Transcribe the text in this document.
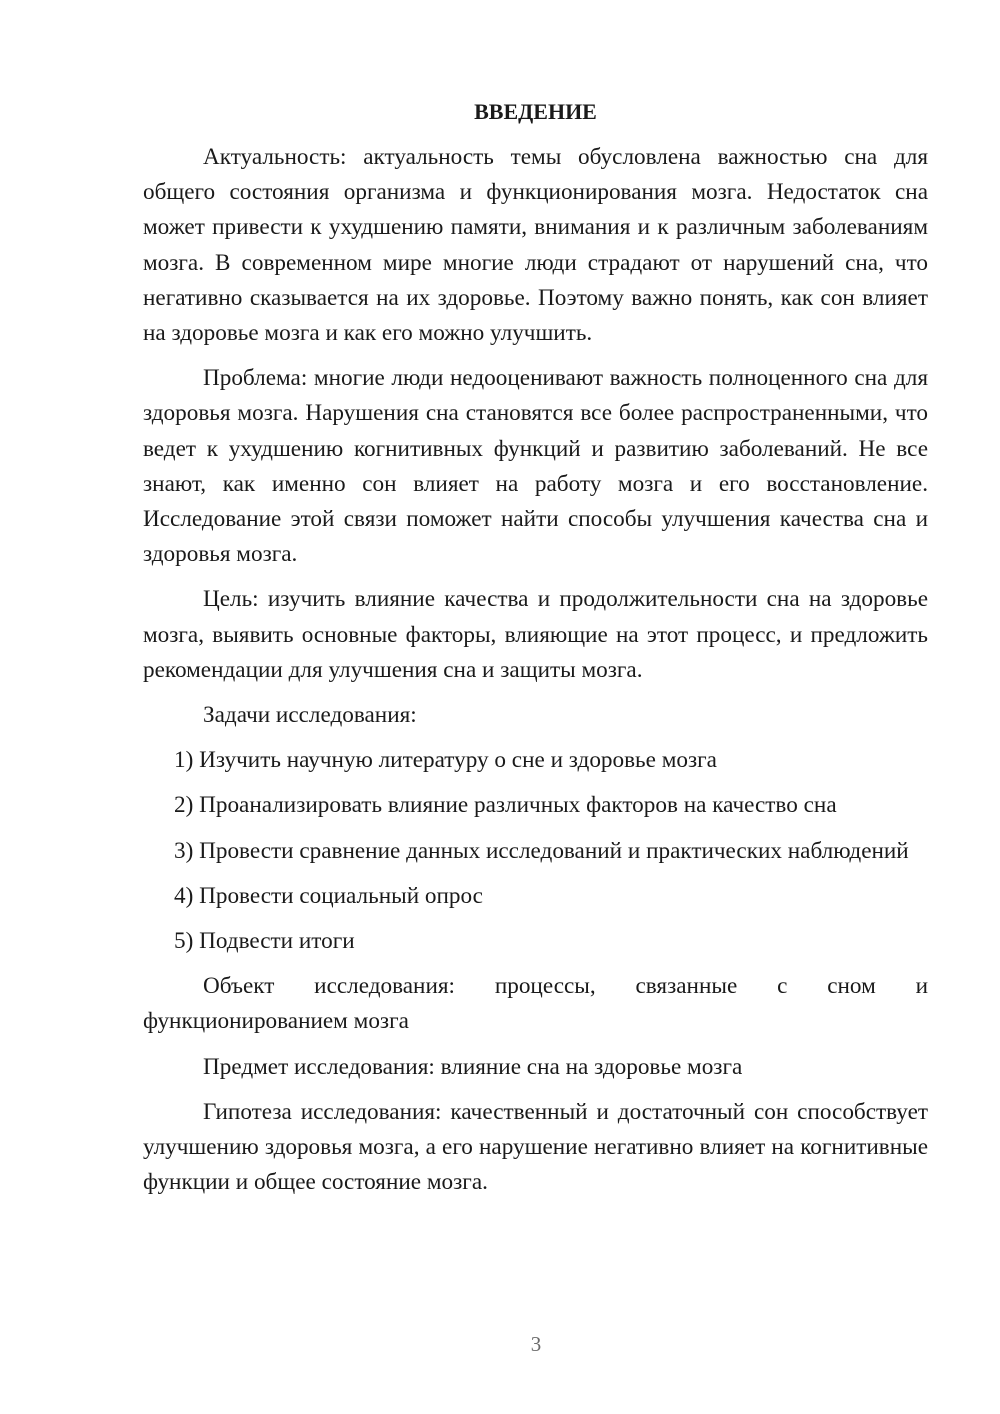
ВВЕДЕНИЕ

Актуальность: актуальность темы обусловлена важностью сна для общего состояния организма и функционирования мозга. Недостаток сна может привести к ухудшению памяти, внимания и к различным заболеваниям мозга. В современном мире многие люди страдают от нарушений сна, что негативно сказывается на их здоровье. Поэтому важно понять, как сон влияет на здоровье мозга и как его можно улучшить.

Проблема: многие люди недооценивают важность полноценного сна для здоровья мозга. Нарушения сна становятся все более распространенными, что ведет к ухудшению когнитивных функций и развитию заболеваний. Не все знают, как именно сон влияет на работу мозга и его восстановление. Исследование этой связи поможет найти способы улучшения качества сна и здоровья мозга.

Цель: изучить влияние качества и продолжительности сна на здоровье мозга, выявить основные факторы, влияющие на этот процесс, и предложить рекомендации для улучшения сна и защиты мозга.

Задачи исследования:

1) Изучить научную литературу о сне и здоровье мозга

2) Проанализировать влияние различных факторов на качество сна

3) Провести сравнение данных исследований и практических наблюдений

4) Провести социальный опрос

5) Подвести итоги

Объект исследования: процессы, связанные с сном и функционированием мозга

Предмет исследования: влияние сна на здоровье мозга

Гипотеза исследования: качественный и достаточный сон способствует улучшению здоровья мозга, а его нарушение негативно влияет на когнитивные функции и общее состояние мозга.

3
